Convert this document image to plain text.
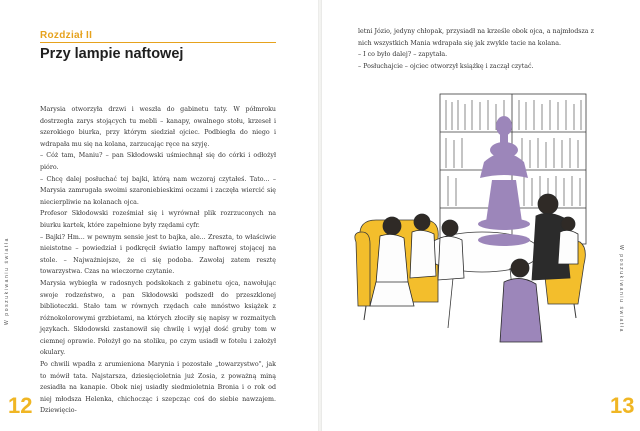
Rozdział II
Przy lampie naftowej

Marysia otworzyła drzwi i weszła do gabinetu taty. W półmroku dostrzegła zarys stojących tu mebli – kanapy, owalnego stołu, krzeseł i szerokiego biurka, przy którym siedział ojciec. Podbiegła do niego i wdrapała mu się na kolana, zarzucając ręce na szyję.

– Cóż tam, Maniu? – pan Skłodowski uśmiechnął się do córki i odłożył pióro.

– Chcę dalej posłuchać tej bajki, którą nam wczoraj czytałeś. Tato... – Marysia zamrugała swoimi szaroniebieskimi oczami i zaczęła wiercić się niecierpliwie na kolanach ojca.

Profesor Skłodowski roześmiał się i wyrównał plik rozrzuconych na biurku kartek, które zapełnione były rzędami cyfr.

– Bajki? Hm... w pewnym sensie jest to bajka, ale... Zreszta, to właściwie nieistotne – powiedział i podkręcił światło lampy naftowej stojącej na stole. – Najważniejsze, że ci się podoba. Zawołaj zatem resztę towarzystwa. Czas na wieczorne czytanie.

Marysia wybiegła w radosnych podskokach z gabinetu ojca, nawołując swoje rodzeństwo, a pan Skłodowski podszedł do przeszklonej biblioteczki. Stało tam w równych rzędach całe mnóstwo książek z różnokolorowymi grzbietami, na których złociły się napisy w rozmaitych językach. Skłodowski zastanowił się chwilę i wyjął dość gruby tom w ciemnej oprawie. Położył go na stoliku, po czym usiadł w fotelu i założył okulary.

Po chwili wpadła z arumieniona Marynia i pozostałe „towarzystwo", jak to mówił tata. Najstarsza, dziesięcioletnia już Zosia, z poważną miną zesiadła na kanapie. Obok niej usiadły siedmioletnia Bronia i o rok od niej młodsza Helenka, chichocząc i szepcząc coś do siebie nawzajem. Dziewięcio-

W poszukiwaniu światła
12

letni Józio, jedyny chłopak, przysiadł na krześle obok ojca, a najmłodsza z nich wszystkich Mania wdrapała się jak zwykle tacie na kolana.

– I co było dalej? – zapytała.

– Posłuchajcie – ojciec otworzył książkę i zaczął czytać.

W poszukiwaniu światła
13
